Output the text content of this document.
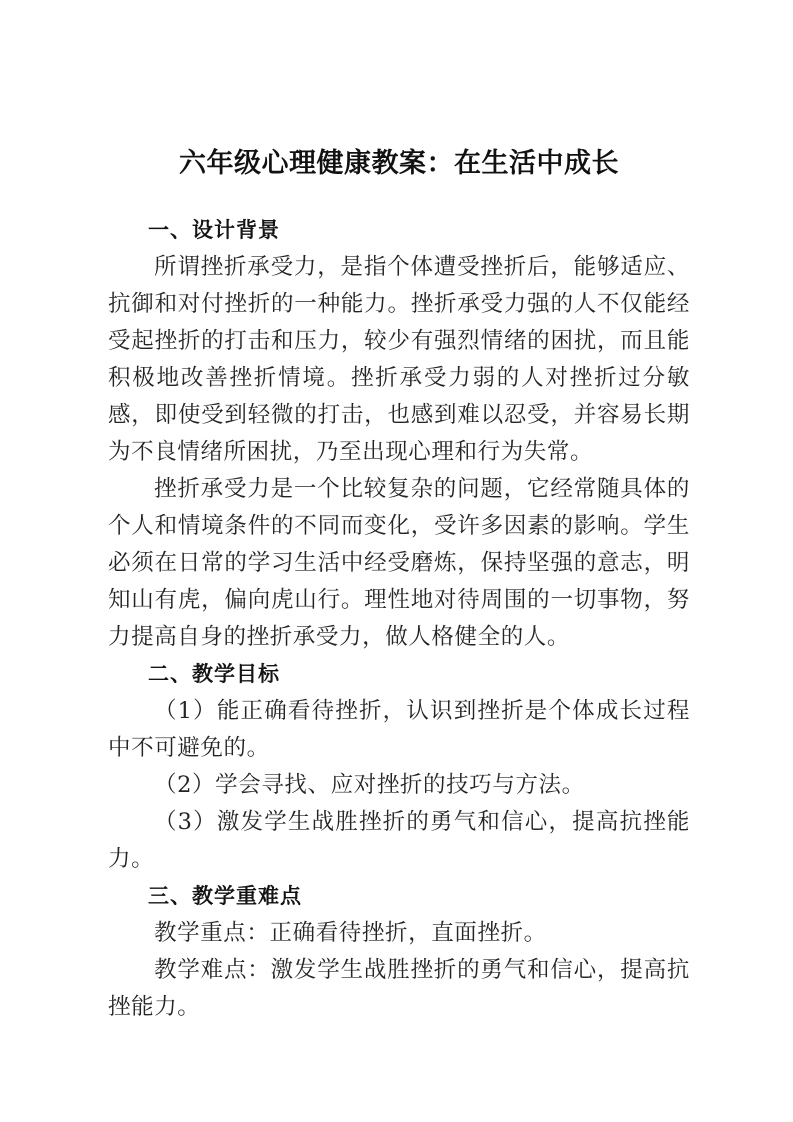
六年级心理健康教案：在生活中成长
一、设计背景

所谓挫折承受力，是指个体遭受挫折后，能够适应、抗御和对付挫折的一种能力。挫折承受力强的人不仅能经受起挫折的打击和压力，较少有强烈情绪的困扰，而且能积极地改善挫折情境。挫折承受力弱的人对挫折过分敏感，即使受到轻微的打击，也感到难以忍受，并容易长期为不良情绪所困扰，乃至出现心理和行为失常。

挫折承受力是一个比较复杂的问题，它经常随具体的个人和情境条件的不同而变化，受许多因素的影响。学生必须在日常的学习生活中经受磨炼，保持坚强的意志，明知山有虎，偏向虎山行。理性地对待周围的一切事物，努力提高自身的挫折承受力，做人格健全的人。

二、教学目标

（1）能正确看待挫折，认识到挫折是个体成长过程中不可避免的。

（2）学会寻找、应对挫折的技巧与方法。

（3）激发学生战胜挫折的勇气和信心，提高抗挫能力。

三、教学重难点

教学重点：正确看待挫折，直面挫折。

教学难点：激发学生战胜挫折的勇气和信心，提高抗挫能力。
